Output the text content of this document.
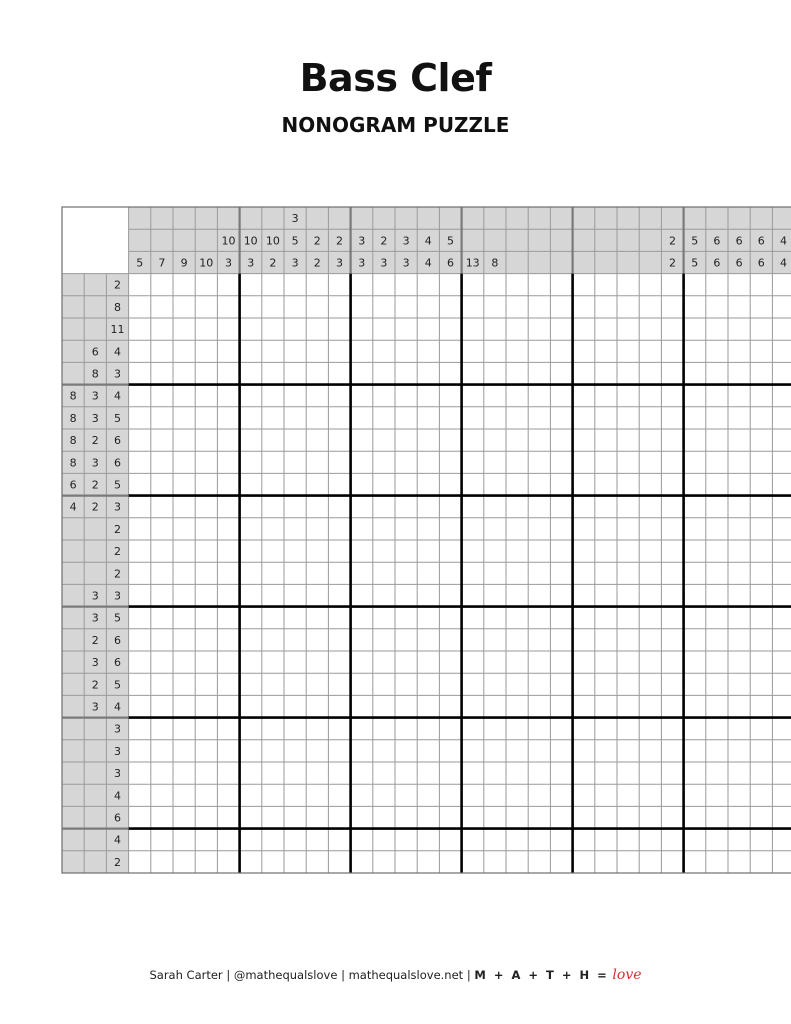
Bass Clef
NONOGRAM PUZZLE
5 7 9 10
10
3
10
3
10
2
3
5
3
2
2
2
3
3
3
2
3
3
3
4
4
5
6 13 8
2
2
5
5
6
6
6
6
6
6
4
4
2
8
11
6 4
8 3
8 3 4
8 3 5
8 2 6
8 3 6
6 2 5
4 2 3
2
2
2
3 3
3 5
2 6
3 6
2 5
3 4
3
3
3
4
6
4
2
Sarah Carter | @mathequalslove | mathequalslove.net | M + A + T + H = love
